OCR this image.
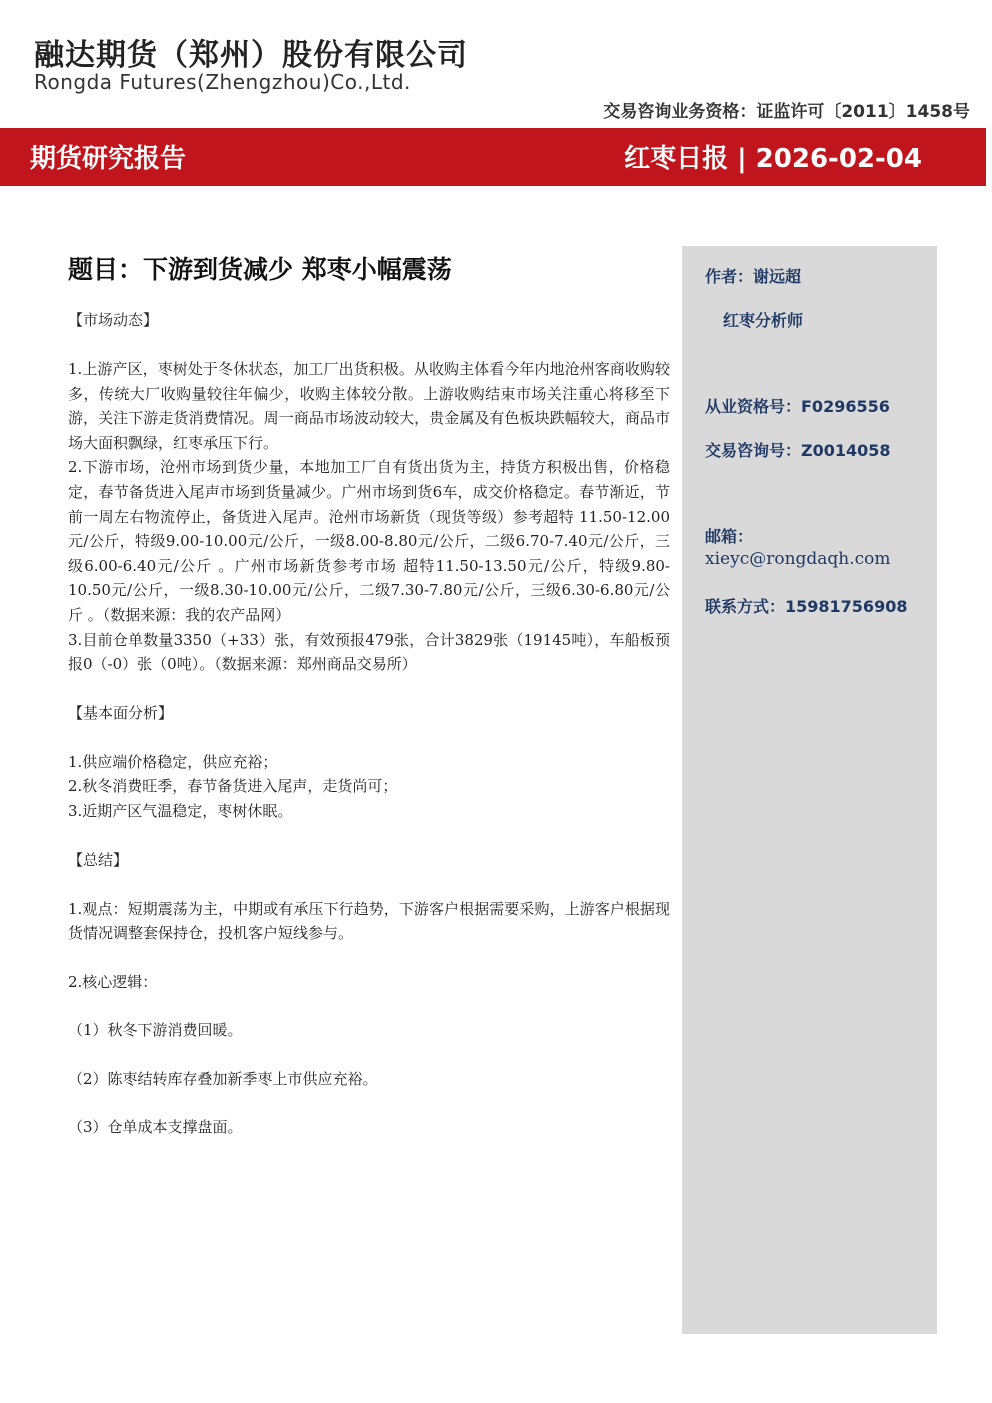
融达期货（郑州）股份有限公司
Rongda Futures(Zhengzhou)Co.,Ltd.
交易咨询业务资格：证监许可〔2011〕1458号
期货研究报告	红枣日报 | 2026-02-04
题目：下游到货减少 郑枣小幅震荡

【市场动态】

1.上游产区，枣树处于冬休状态，加工厂出货积极。从收购主体看今年内地沧州客商收购较多，传统大厂收购量较往年偏少，收购主体较分散。上游收购结束市场关注重心将移至下游，关注下游走货消费情况。周一商品市场波动较大，贵金属及有色板块跌幅较大，商品市场大面积飘绿，红枣承压下行。

2.下游市场，沧州市场到货少量，本地加工厂自有货出货为主，持货方积极出售，价格稳定，春节备货进入尾声市场到货量减少。广州市场到货6车，成交价格稳定。春节渐近，节前一周左右物流停止，备货进入尾声。沧州市场新货（现货等级）参考超特 11.50-12.00元/公斤，特级9.00-10.00元/公斤，一级8.00-8.80元/公斤，二级6.70-7.40元/公斤，三级6.00-6.40元/公斤 。广州市场新货参考市场 超特11.50-13.50元/公斤，特级9.80-10.50元/公斤，一级8.30-10.00元/公斤，二级7.30-7.80元/公斤，三级6.30-6.80元/公斤 。（数据来源：我的农产品网）

3.目前仓单数量3350（+33）张，有效预报479张，合计3829张（19145吨），车船板预报0（-0）张（0吨）。（数据来源：郑州商品交易所）

【基本面分析】

1.供应端价格稳定，供应充裕；

2.秋冬消费旺季，春节备货进入尾声，走货尚可；

3.近期产区气温稳定，枣树休眠。

【总结】

1.观点：短期震荡为主，中期或有承压下行趋势，下游客户根据需要采购，上游客户根据现货情况调整套保持仓，投机客户短线参与。

2.核心逻辑：

（1）秋冬下游消费回暖。

（2）陈枣结转库存叠加新季枣上市供应充裕。

（3）仓单成本支撑盘面。

作者：谢远超
红枣分析师
从业资格号：F0296556
交易咨询号：Z0014058
邮箱：
xieyc@rongdaqh.com
联系方式：15981756908
